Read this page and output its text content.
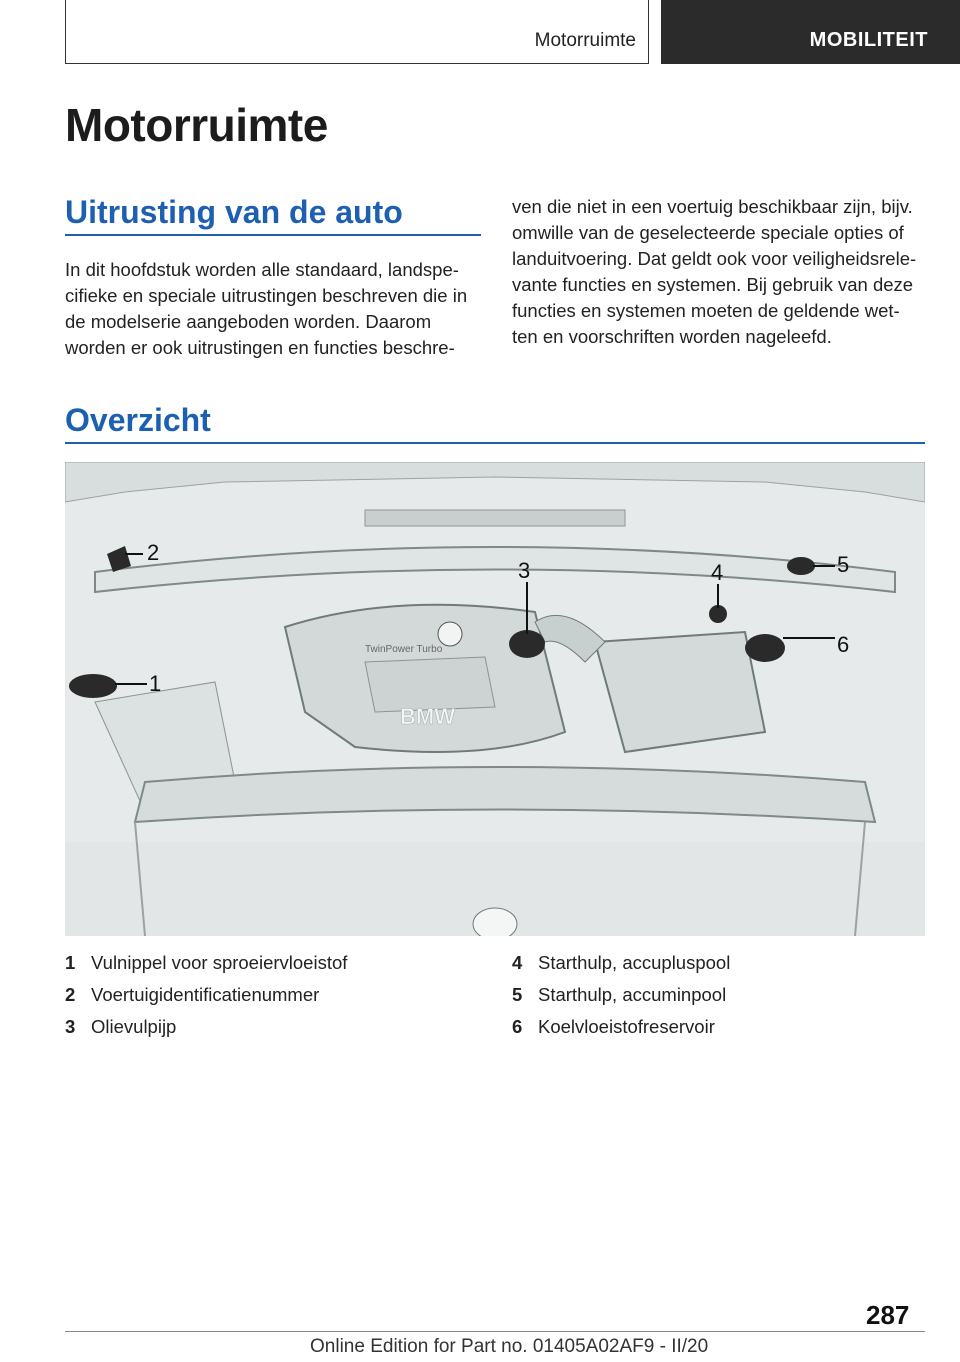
Motorruimte	MOBILITEIT
Motorruimte
Uitrusting van de auto

In dit hoofdstuk worden alle standaard, landspe-
cifieke en speciale uitrustingen beschreven die in
de modelserie aangeboden worden. Daarom
worden er ook uitrustingen en functies beschre-

ven die niet in een voertuig beschikbaar zijn, bijv.
omwille van de geselecteerde speciale opties of
landuitvoering. Dat geldt ook voor veiligheidsrele-
vante functies en systemen. Bij gebruik van deze
functies en systemen moeten de geldende wet-
ten en voorschriften worden nageleefd.

Overzicht
TwinPower Turbo
BMW
1
2
3	4	5
6
1 Vulnippel voor sproeiervloeistof
2 Voertuigidentificatienummer
3 Olievulpijp
4 Starthulp, accupluspool
5 Starthulp, accuminpool
6 Koelvloeistofreservoir
287
Online Edition for Part no. 01405A02AF9 - II/20
